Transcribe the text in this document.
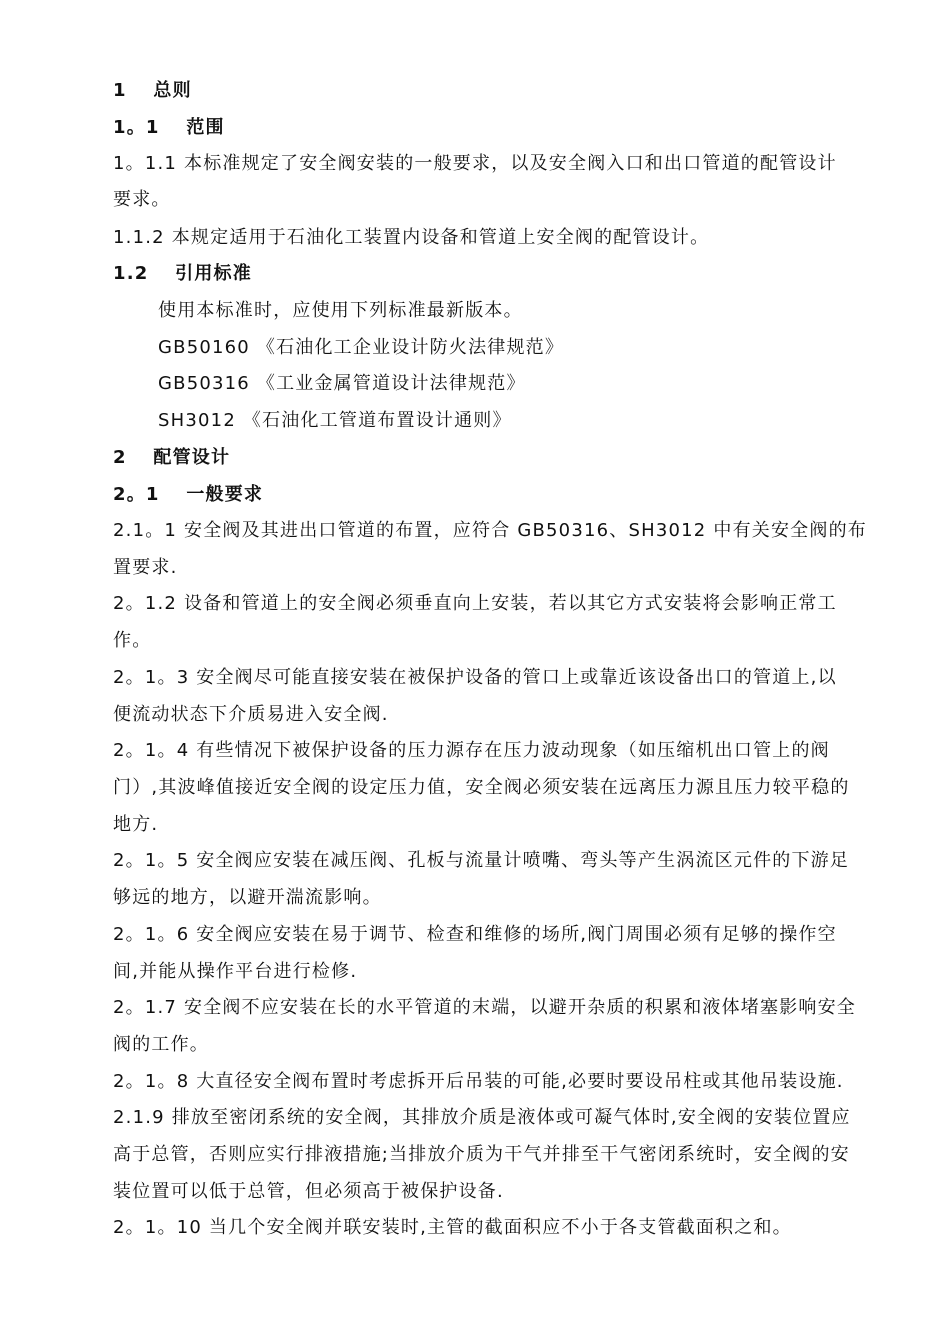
1　 总则
1。1　 范围
1。1.1 本标准规定了安全阀安装的一般要求，以及安全阀入口和出口管道的配管设计
要求。
1.1.2 本规定适用于石油化工装置内设备和管道上安全阀的配管设计。
1.2　 引用标准
使用本标准时，应使用下列标准最新版本。
GB50160 《石油化工企业设计防火法律规范》
GB50316 《工业金属管道设计法律规范》
SH3012 《石油化工管道布置设计通则》
2　 配管设计
2。1　 一般要求
2.1。1 安全阀及其进出口管道的布置，应符合 GB50316、SH3012 中有关安全阀的布
置要求.
2。1.2 设备和管道上的安全阀必须垂直向上安装，若以其它方式安装将会影响正常工
作。
2。1。3 安全阀尽可能直接安装在被保护设备的管口上或靠近该设备出口的管道上,以
便流动状态下介质易进入安全阀.
2。1。4 有些情况下被保护设备的压力源存在压力波动现象（如压缩机出口管上的阀
门）,其波峰值接近安全阀的设定压力值，安全阀必须安装在远离压力源且压力较平稳的
地方.
2。1。5 安全阀应安装在减压阀、孔板与流量计喷嘴、弯头等产生涡流区元件的下游足
够远的地方，以避开湍流影响。
2。1。6 安全阀应安装在易于调节、检查和维修的场所,阀门周围必须有足够的操作空
间,并能从操作平台进行检修.
2。1.7 安全阀不应安装在长的水平管道的末端，以避开杂质的积累和液体堵塞影响安全
阀的工作。
2。1。8 大直径安全阀布置时考虑拆开后吊装的可能,必要时要设吊柱或其他吊装设施.
2.1.9 排放至密闭系统的安全阀，其排放介质是液体或可凝气体时,安全阀的安装位置应
高于总管，否则应实行排液措施;当排放介质为干气并排至干气密闭系统时，安全阀的安
装位置可以低于总管，但必须高于被保护设备.
2。1。10 当几个安全阀并联安装时,主管的截面积应不小于各支管截面积之和。
